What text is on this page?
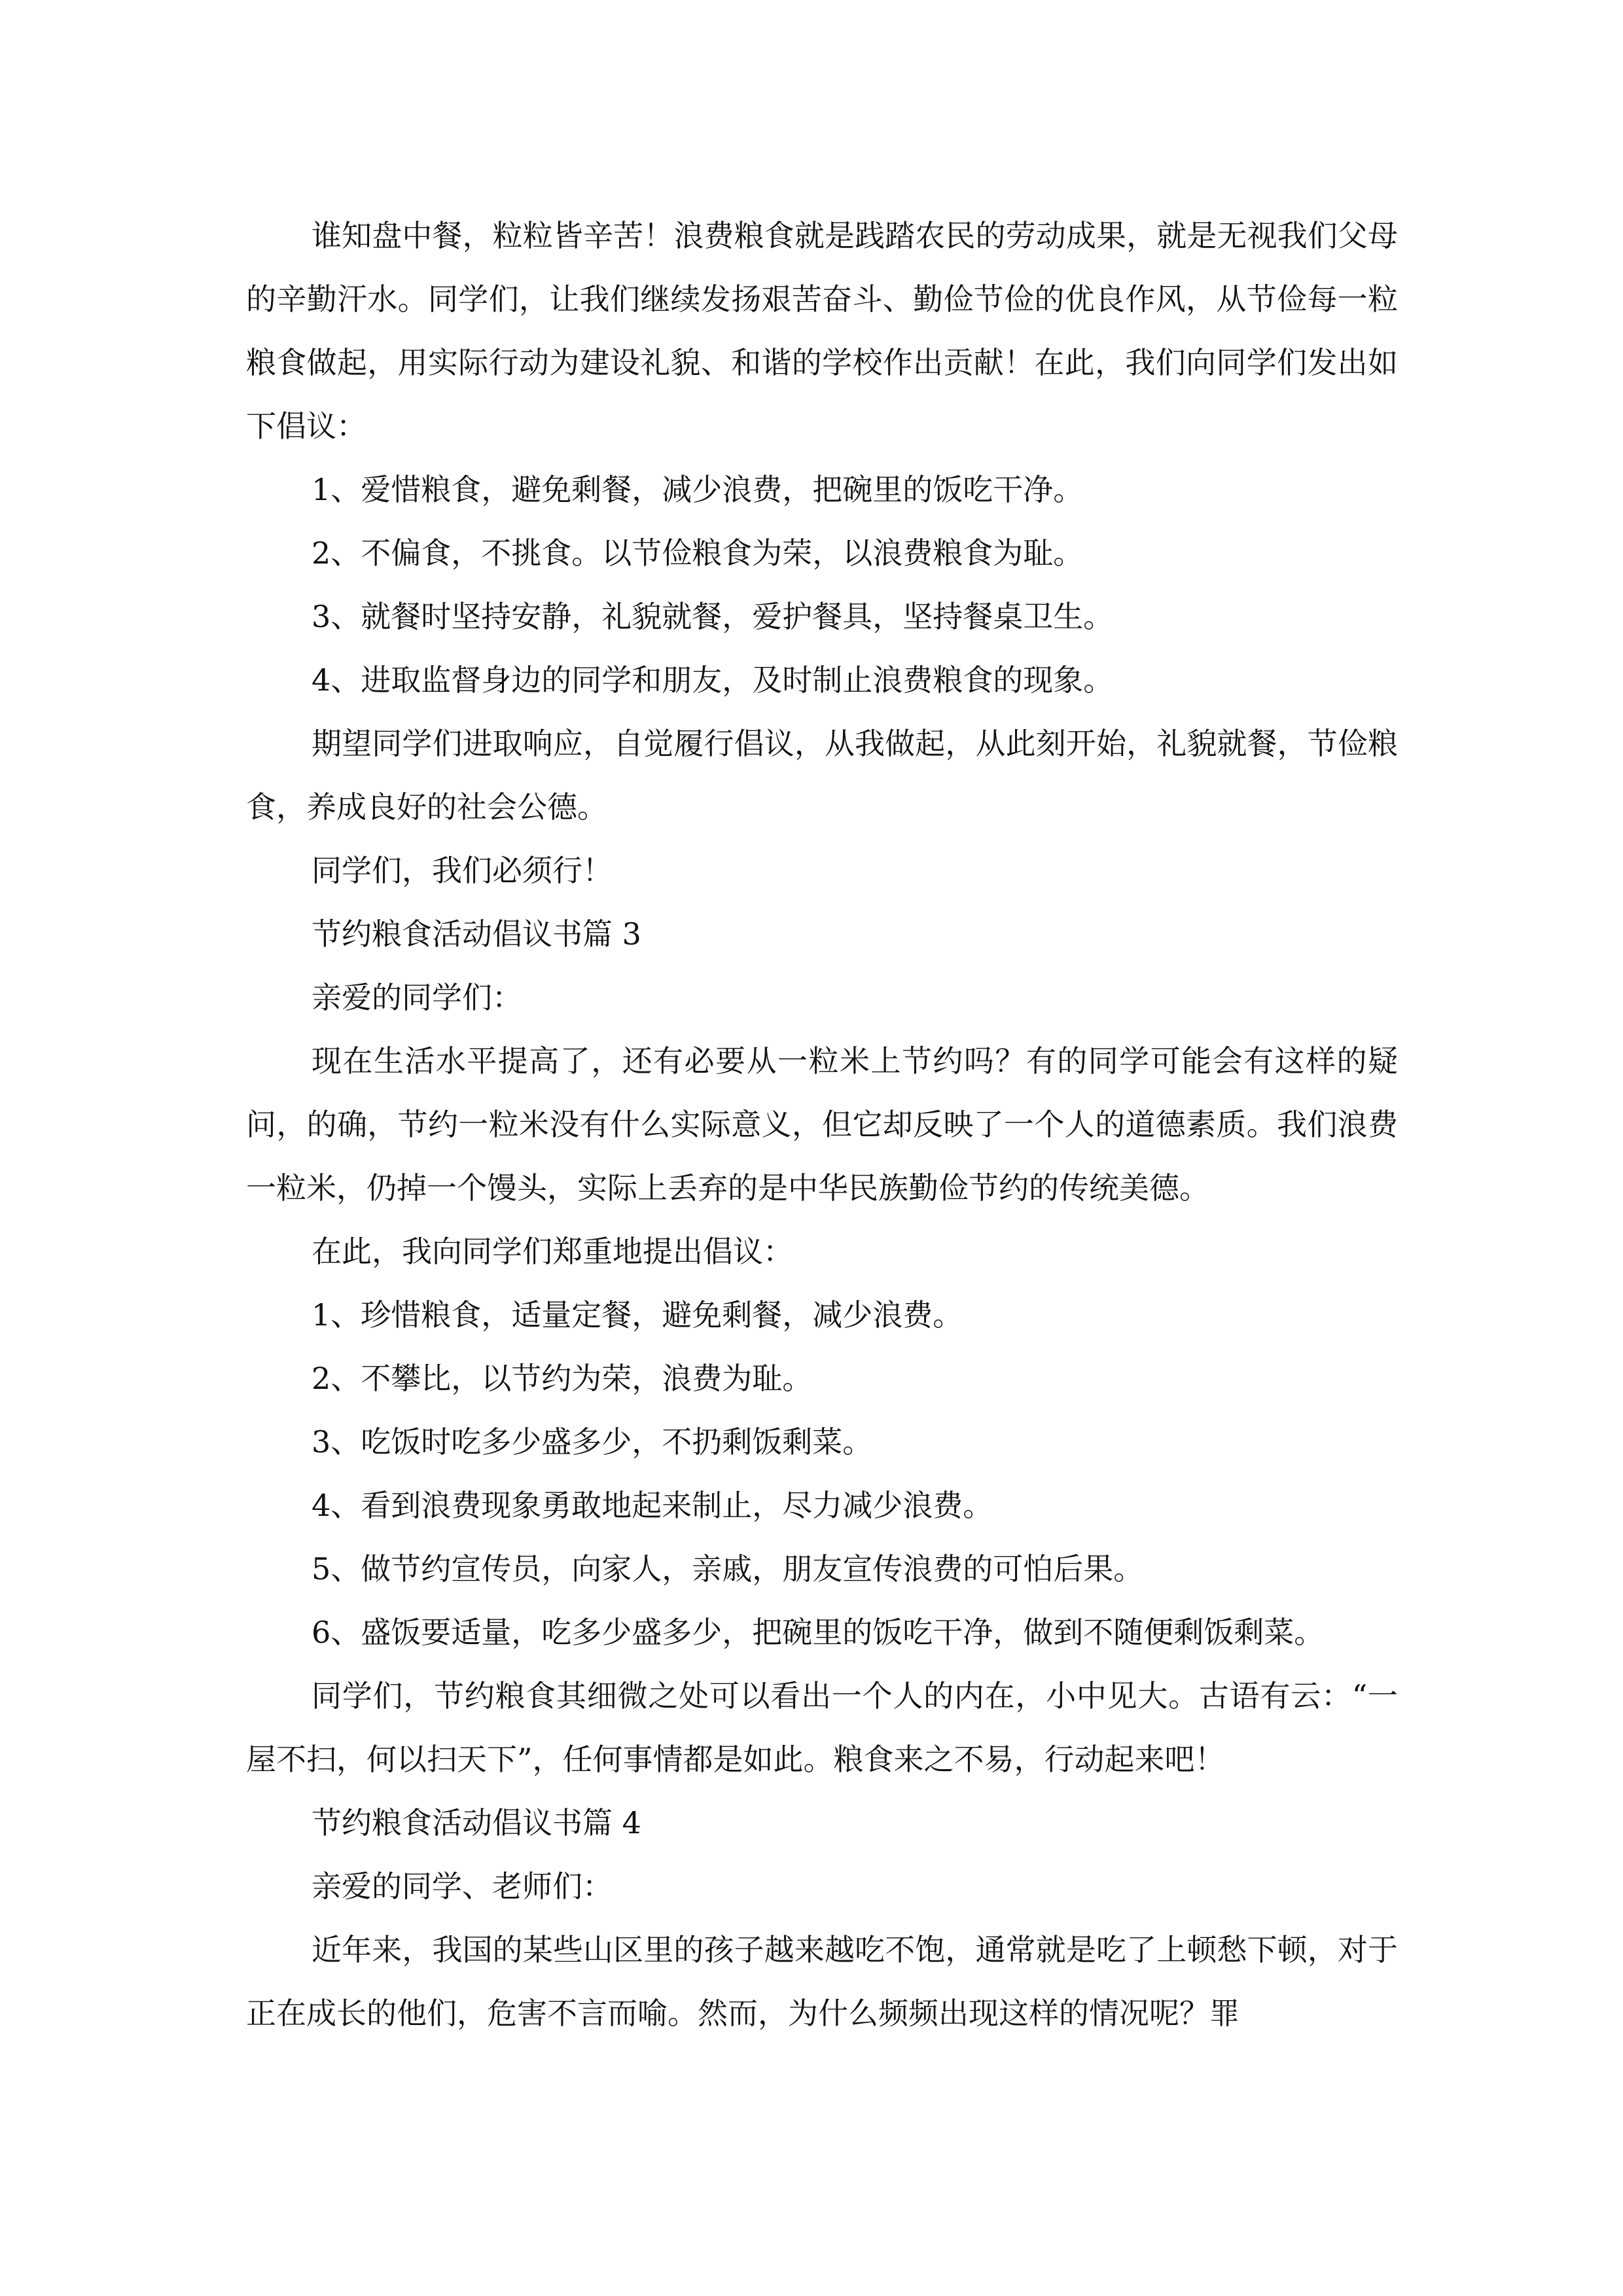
谁知盘中餐，粒粒皆辛苦！浪费粮食就是践踏农民的劳动成果，就是无视我们父母的辛勤汗水。同学们，让我们继续发扬艰苦奋斗、勤俭节俭的优良作风，从节俭每一粒粮食做起，用实际行动为建设礼貌、和谐的学校作出贡献！在此，我们向同学们发出如下倡议：

1、爱惜粮食，避免剩餐，减少浪费，把碗里的饭吃干净。

2、不偏食，不挑食。以节俭粮食为荣，以浪费粮食为耻。

3、就餐时坚持安静，礼貌就餐，爱护餐具，坚持餐桌卫生。

4、进取监督身边的同学和朋友，及时制止浪费粮食的现象。

期望同学们进取响应，自觉履行倡议，从我做起，从此刻开始，礼貌就餐，节俭粮食，养成良好的社会公德。

同学们，我们必须行！

节约粮食活动倡议书篇 3

亲爱的同学们：

现在生活水平提高了，还有必要从一粒米上节约吗？有的同学可能会有这样的疑问，的确，节约一粒米没有什么实际意义，但它却反映了一个人的道德素质。我们浪费一粒米，仍掉一个馒头，实际上丢弃的是中华民族勤俭节约的传统美德。

在此，我向同学们郑重地提出倡议：

1、珍惜粮食，适量定餐，避免剩餐，减少浪费。

2、不攀比，以节约为荣，浪费为耻。

3、吃饭时吃多少盛多少，不扔剩饭剩菜。

4、看到浪费现象勇敢地起来制止，尽力减少浪费。

5、做节约宣传员，向家人，亲戚，朋友宣传浪费的可怕后果。

6、盛饭要适量，吃多少盛多少，把碗里的饭吃干净，做到不随便剩饭剩菜。

同学们，节约粮食其细微之处可以看出一个人的内在，小中见大。古语有云：“一屋不扫，何以扫天下”，任何事情都是如此。粮食来之不易，行动起来吧！

节约粮食活动倡议书篇 4

亲爱的同学、老师们：

近年来，我国的某些山区里的孩子越来越吃不饱，通常就是吃了上顿愁下顿，对于正在成长的他们，危害不言而喻。然而，为什么频频出现这样的情况呢？罪
